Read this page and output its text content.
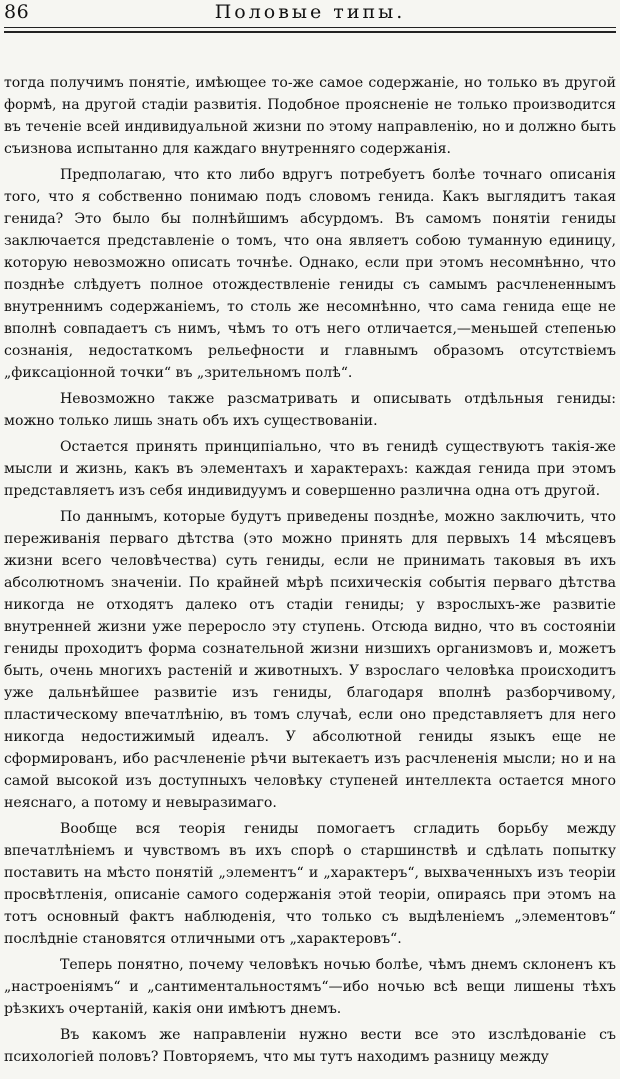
86	Половые типы.

тогда получимъ понятіе, имѣющее то-же самое содержаніе, но только въ другой формѣ, на другой стадіи развитія. Подобное проясненіе не только производится въ теченіе всей индивидуальной жизни по этому направленію, но и должно быть съизнова испытанно для каждаго внутренняго содержанія.

Предполагаю, что кто либо вдругъ потребуетъ болѣе точнаго описанія того, что я собственно понимаю подъ словомъ генида. Какъ выглядитъ такая генида? Это было бы полнѣйшимъ абсурдомъ. Въ самомъ понятіи гениды заключается представленіе о томъ, что она являетъ собою туманную единицу, которую невозможно описать точнѣе. Однако, если при этомъ несомнѣнно, что позднѣе слѣдуетъ полное отождествленіе гениды съ самымъ расчлененнымъ внутреннимъ содержаніемъ, то столь же несомнѣнно, что сама генида еще не вполнѣ совпадаетъ съ нимъ, чѣмъ то отъ него отличается,—меньшей степенью сознанія, недостаткомъ рельефности и главнымъ образомъ отсутствіемъ „фиксаціонной точки“ въ „зрительномъ полѣ“.

Невозможно также разсматривать и описывать отдѣльныя гениды: можно только лишь знать объ ихъ существованіи.

Остается принять принципіально, что въ генидѣ существуютъ такія-же мысли и жизнь, какъ въ элементахъ и характерахъ: каждая генида при этомъ представляетъ изъ себя индивидуумъ и совершенно различна одна отъ другой.

По даннымъ, которые будутъ приведены позднѣе, можно заключить, что переживанія перваго дѣтства (это можно принять для первыхъ 14 мѣсяцевъ жизни всего человѣчества) суть гениды, если не принимать таковыя въ ихъ абсолютномъ значеніи. По крайней мѣрѣ психическія событія перваго дѣтства никогда не отходятъ далеко отъ стадіи гениды; у взрослыхъ-же развитіе внутренней жизни уже переросло эту ступень. Отсюда видно, что въ состояніи гениды проходитъ форма сознательной жизни низшихъ организмовъ и, можетъ быть, очень многихъ растеній и животныхъ. У взрослаго человѣка происходитъ уже дальнѣйшее развитіе изъ гениды, благодаря вполнѣ разборчивому, пластическому впечатлѣнію, въ томъ случаѣ, если оно представляетъ для него никогда недостижимый идеалъ. У абсолютной гениды языкъ еще не сформированъ, ибо расчлененіе рѣчи вытекаетъ изъ расчлененія мысли; но и на самой высокой изъ доступныхъ человѣку ступеней интеллекта остается много неяснаго, а потому и невыразимаго.

Вообще вся теорія гениды помогаетъ сгладить борьбу между впечатлѣніемъ и чувствомъ въ ихъ спорѣ о старшинствѣ и сдѣлать попытку поставить на мѣсто понятій „элементъ“ и „характеръ“, выхваченныхъ изъ теоріи просвѣтленія, описаніе самого содержанія этой теоріи, опираясь при этомъ на тотъ основный фактъ наблюденія, что только съ выдѣленіемъ „элементовъ“ послѣдніе становятся отличными отъ „характеровъ“.

Теперь понятно, почему человѣкъ ночью болѣе, чѣмъ днемъ склоненъ къ „настроеніямъ“ и „сантиментальностямъ“—ибо ночью всѣ вещи лишены тѣхъ рѣзкихъ очертаній, какія они имѣютъ днемъ.

Въ какомъ же направленіи нужно вести все это изслѣдованіе съ психологіей половъ? Повторяемъ, что мы тутъ находимъ разницу между
